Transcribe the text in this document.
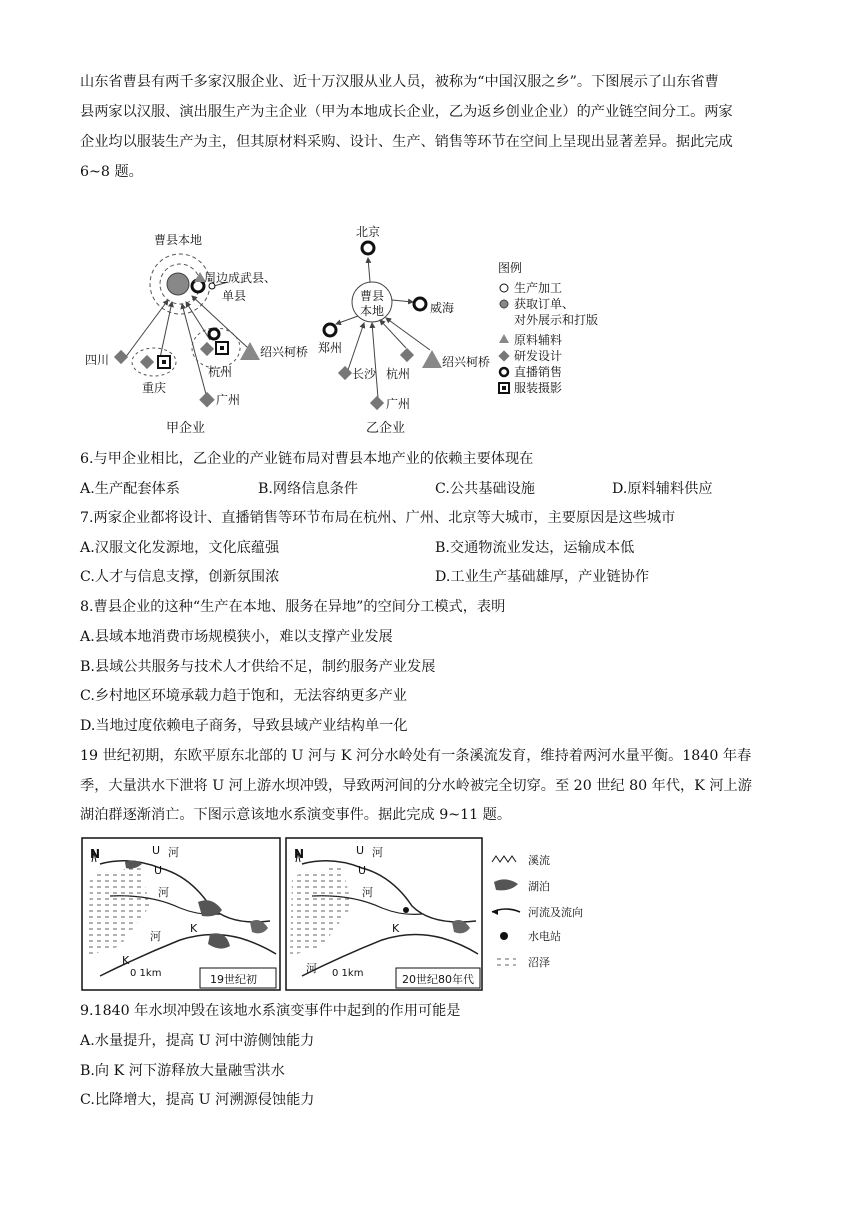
山东省曹县有两千多家汉服企业、近十万汉服从业人员，被称为“中国汉服之乡”。下图展示了山东省曹
县两家以汉服、演出服生产为主企业（甲为本地成长企业，乙为返乡创业企业）的产业链空间分工。两家
企业均以服装生产为主，但其原材料采购、设计、生产、销售等环节在空间上呈现出显著差异。据此完成
6~8 题。
曹县本地
周边成武县、
单县
四川
重庆
杭州
绍兴柯桥
广州
甲企业
北京
曹县
本地	威海
郑州
长沙
广州
杭州
绍兴柯桥
乙企业
图例
生产加工
获取订单、
对外展示和打版
原料辅料
研发设计
直播销售
服装摄影
6.与甲企业相比，乙企业的产业链布局对曹县本地产业的依赖主要体现在
A.生产配套体系	B.网络信息条件	C.公共基础设施	D.原料辅料供应
7.两家企业都将设计、直播销售等环节布局在杭州、广州、北京等大城市，主要原因是这些城市
A.汉服文化发源地，文化底蕴强	B.交通物流业发达，运输成本低
C.人才与信息支撑，创新氛围浓	D.工业生产基础雄厚，产业链协作
8.曹县企业的这种“生产在本地、服务在异地”的空间分工模式，表明
A.县域本地消费市场规模狭小，难以支撑产业发展
B.县域公共服务与技术人才供给不足，制约服务产业发展
C.乡村地区环境承载力趋于饱和，无法容纳更多产业
D.当地过度依赖电子商务，导致县域产业结构单一化
19 世纪初期，东欧平原东北部的 U 河与 K 河分水岭处有一条溪流发育，维持着两河水量平衡。1840 年春
季，大量洪水下泄将 U 河上游水坝冲毁，导致两河间的分水岭被完全切穿。至 20 世纪 80 年代，K 河上游
湖泊群逐渐消亡。下图示意该地水系演变事件。据此完成 9~11 题。
N	U 河
U
河
K
河
K
0 1km	19世纪初
N	U 河
U
河
K
河 0 1km	20世纪80年代
溪流
湖泊
河流及流向
水电站
沼泽
9.1840 年水坝冲毁在该地水系演变事件中起到的作用可能是
A.水量提升，提高 U 河中游侧蚀能力
B.向 K 河下游释放大量融雪洪水
C.比降增大，提高 U 河溯源侵蚀能力
